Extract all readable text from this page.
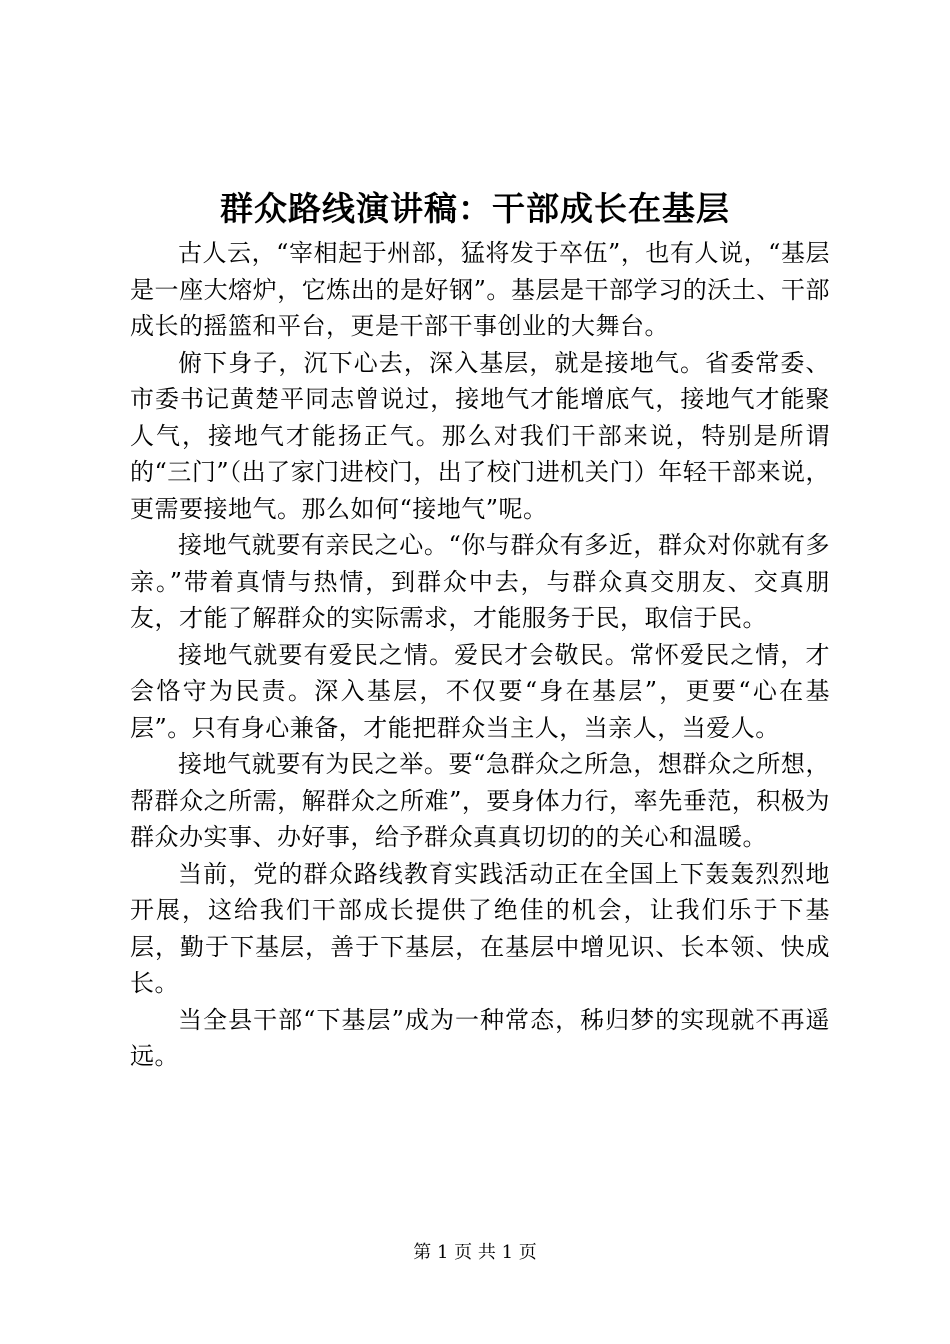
群众路线演讲稿：干部成长在基层

古人云，“宰相起于州部，猛将发于卒伍”，也有人说，“基层是一座大熔炉，它炼出的是好钢”。基层是干部学习的沃土、干部成长的摇篮和平台，更是干部干事创业的大舞台。

俯下身子，沉下心去，深入基层，就是接地气。省委常委、市委书记黄楚平同志曾说过，接地气才能增底气，接地气才能聚人气，接地气才能扬正气。那么对我们干部来说，特别是所谓的“三门”（出了家门进校门，出了校门进机关门）年轻干部来说，更需要接地气。那么如何“接地气”呢。

接地气就要有亲民之心。“你与群众有多近，群众对你就有多亲。”带着真情与热情，到群众中去，与群众真交朋友、交真朋友，才能了解群众的实际需求，才能服务于民，取信于民。

接地气就要有爱民之情。爱民才会敬民。常怀爱民之情，才会恪守为民责。深入基层，不仅要“身在基层”，更要“心在基层”。只有身心兼备，才能把群众当主人，当亲人，当爱人。

接地气就要有为民之举。要“急群众之所急，想群众之所想，帮群众之所需，解群众之所难”，要身体力行，率先垂范，积极为群众办实事、办好事，给予群众真真切切的的关心和温暖。

当前，党的群众路线教育实践活动正在全国上下轰轰烈烈地开展，这给我们干部成长提供了绝佳的机会，让我们乐于下基层，勤于下基层，善于下基层，在基层中增见识、长本领、快成长。

当全县干部“下基层”成为一种常态，秭归梦的实现就不再遥远。

第 1 页 共 1 页
